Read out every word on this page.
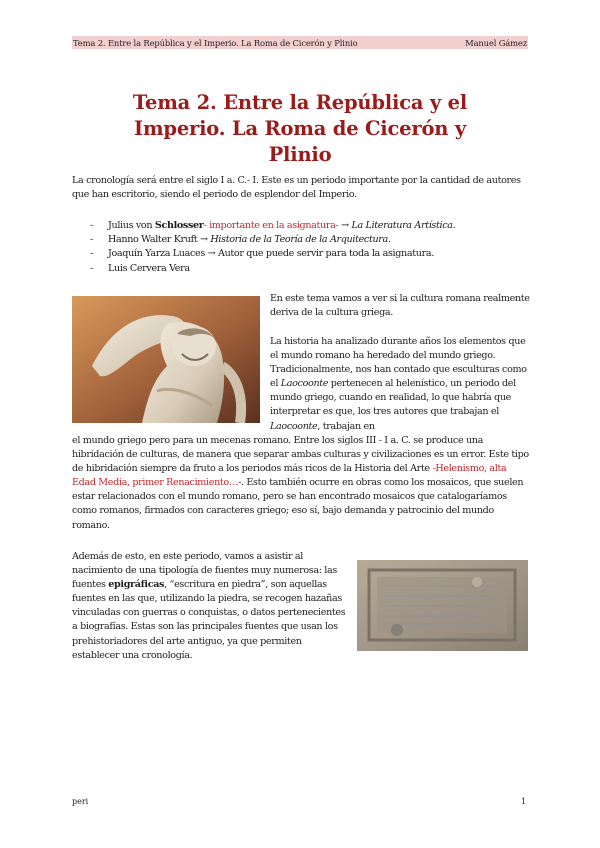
Tema 2. Entre la República y el Imperio. La Roma de Cicerón y Plinio	Manuel Gámez
Tema 2. Entre la República y el
Imperio. La Roma de Cicerón y
Plinio

La cronología será entre el siglo I a. C.- I. Este es un periodo importante por la cantidad de autores que han escritorio, siendo el periodo de esplendor del Imperio.

-	Julius von Schlosser- importante en la asignatura- → La Literatura Artística.
-	Hanno Walter Kruft → Historia de la Teoría de la Arquitectura.
-	Joaquín Yarza Luaces → Autor que puede servir para toda la asignatura.
-	Luis Cervera Vera

En este tema vamos a ver si la cultura romana realmente deriva de la cultura griega.

La historia ha analizado durante años los elementos que el mundo romano ha heredado del mundo griego. Tradicionalmente, nos han contado que esculturas como el Laocoonte pertenecen al helenístico, un periodo del mundo griego, cuando en realidad, lo que habría que interpretar es que, los tres autores que trabajan el Laocoonte, trabajan en

el mundo griego pero para un mecenas romano. Entre los siglos III - I a. C. se produce una hibridación de culturas, de manera que separar ambas culturas y civilizaciones es un error. Este tipo de hibridación siempre da fruto a los periodos más ricos de la Historia del Arte -Helenismo, alta Edad Media, primer Renacimiento…-. Esto también ocurre en obras como los mosaicos, que suelen estar relacionados con el mundo romano, pero se han encontrado mosaicos que catalogaríamos como romanos, firmados con caracteres griego; eso sí, bajo demanda y patrocinio del mundo romano.

Además de esto, en este periodo, vamos a asistir al nacimiento de una tipología de fuentes muy numerosa: las fuentes epigráficas, “escritura en piedra”, son aquellas fuentes en las que, utilizando la piedra, se recogen hazañas vinculadas con guerras o conquistas, o datos pertenecientes a biografías. Estas son las principales fuentes que usan los prehistoriadores del arte antiguo, ya que permiten establecer una cronología.

peri	1
